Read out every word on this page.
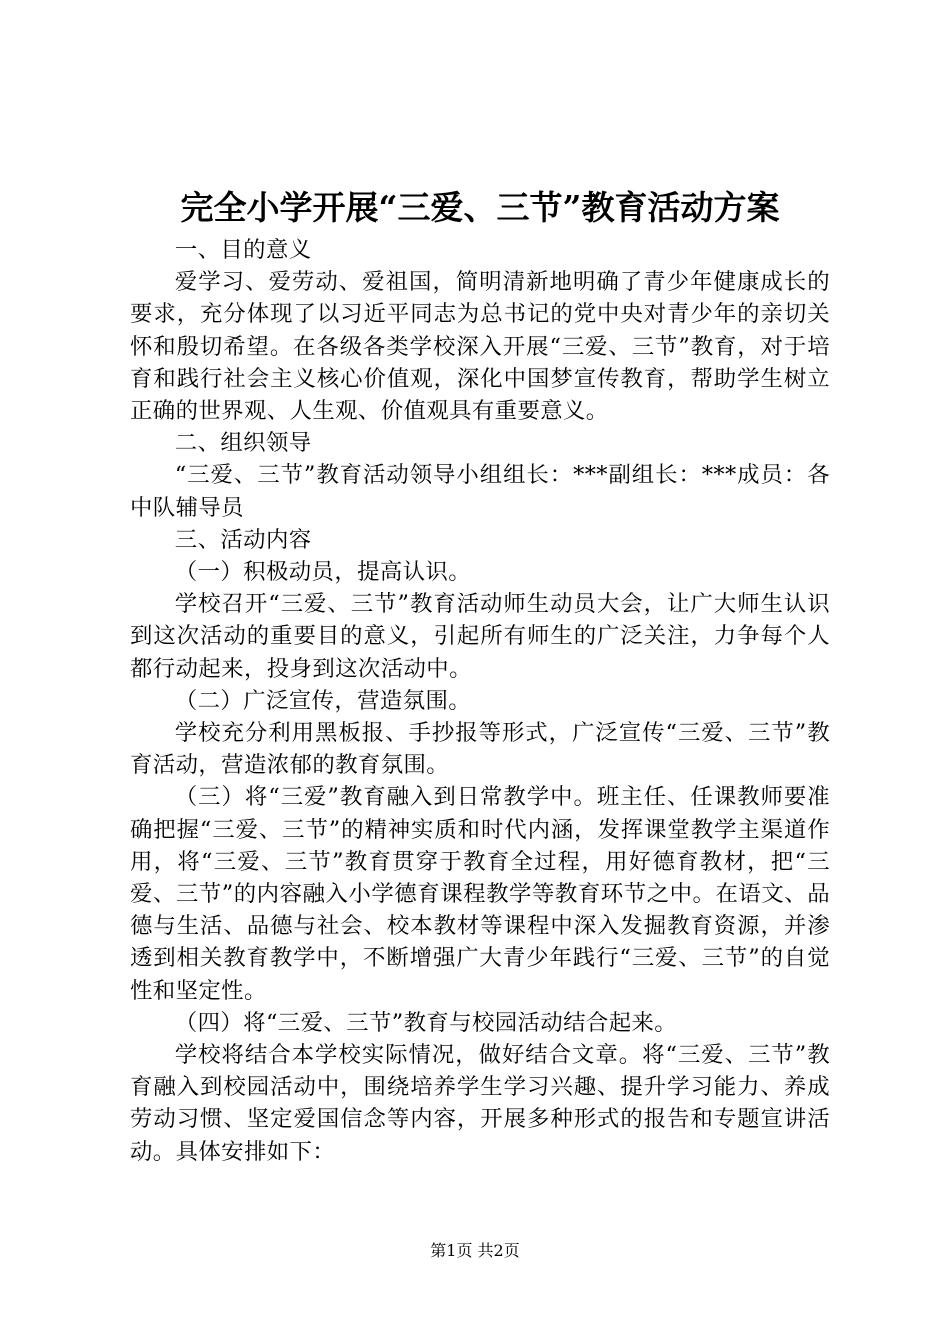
完全小学开展“三爱、三节”教育活动方案

一、目的意义

爱学习、爱劳动、爱祖国，简明清新地明确了青少年健康成长的要求，充分体现了以习近平同志为总书记的党中央对青少年的亲切关怀和殷切希望。在各级各类学校深入开展“三爱、三节”教育，对于培育和践行社会主义核心价值观，深化中国梦宣传教育，帮助学生树立正确的世界观、人生观、价值观具有重要意义。

二、组织领导

“三爱、三节”教育活动领导小组组长：***副组长：***成员：各中队辅导员

三、活动内容

（一）积极动员，提高认识。

学校召开“三爱、三节”教育活动师生动员大会，让广大师生认识到这次活动的重要目的意义，引起所有师生的广泛关注，力争每个人都行动起来，投身到这次活动中。

（二）广泛宣传，营造氛围。

学校充分利用黑板报、手抄报等形式，广泛宣传“三爱、三节”教育活动，营造浓郁的教育氛围。

（三）将“三爱”教育融入到日常教学中。班主任、任课教师要准确把握“三爱、三节”的精神实质和时代内涵，发挥课堂教学主渠道作用，将“三爱、三节”教育贯穿于教育全过程，用好德育教材，把“三爱、三节”的内容融入小学德育课程教学等教育环节之中。在语文、品德与生活、品德与社会、校本教材等课程中深入发掘教育资源，并渗透到相关教育教学中，不断增强广大青少年践行“三爱、三节”的自觉性和坚定性。

（四）将“三爱、三节”教育与校园活动结合起来。

学校将结合本学校实际情况，做好结合文章。将“三爱、三节”教育融入到校园活动中，围绕培养学生学习兴趣、提升学习能力、养成劳动习惯、坚定爱国信念等内容，开展多种形式的报告和专题宣讲活动。具体安排如下：

第1页 共2页
